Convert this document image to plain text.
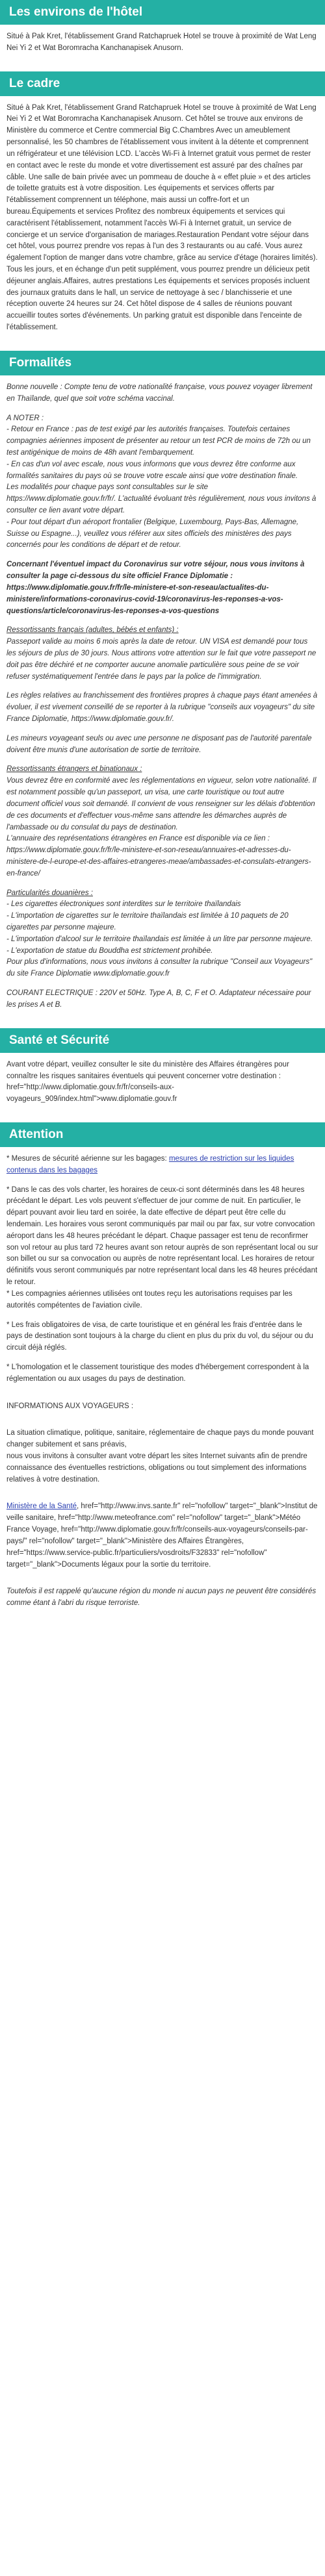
Les environs de l'hôtel

Situé à Pak Kret, l'établissement Grand Ratchapruek Hotel se trouve à proximité de Wat Leng Nei Yi 2 et Wat Boromracha Kanchanapisek Anusorn.

Le cadre

Situé à Pak Kret, l'établissement Grand Ratchapruek Hotel se trouve à proximité de Wat Leng Nei Yi 2 et Wat Boromracha Kanchanapisek Anusorn. Cet hôtel se trouve aux environs de Ministère du commerce et Centre commercial Big C.Chambres Avec un ameublement personnalisé, les 50 chambres de l'établissement vous invitent à la détente et comprennent un réfrigérateur et une télévision LCD. L'accès Wi-Fi à Internet gratuit vous permet de rester en contact avec le reste du monde et votre divertissement est assuré par des chaînes par câble. Une salle de bain privée avec un pommeau de douche à « effet pluie » et des articles de toilette gratuits est à votre disposition. Les équipements et services offerts par l'établissement comprennent un téléphone, mais aussi un coffre-fort et un bureau.Équipements et services Profitez des nombreux équipements et services qui caractérisent l'établissement, notamment l'accès Wi-Fi à Internet gratuit, un service de concierge et un service d'organisation de mariages.Restauration Pendant votre séjour dans cet hôtel, vous pourrez prendre vos repas à l'un des 3 restaurants ou au café. Vous aurez également l'option de manger dans votre chambre, grâce au service d'étage (horaires limités). Tous les jours, et en échange d'un petit supplément, vous pourrez prendre un délicieux petit déjeuner anglais.Affaires, autres prestations Les équipements et services proposés incluent des journaux gratuits dans le hall, un service de nettoyage à sec / blanchisserie et une réception ouverte 24 heures sur 24. Cet hôtel dispose de 4 salles de réunions pouvant accueillir toutes sortes d'événements. Un parking gratuit est disponible dans l'enceinte de l'établissement.

Formalités

Bonne nouvelle : Compte tenu de votre nationalité française, vous pouvez voyager librement en Thaïlande, quel que soit votre schéma vaccinal.

A NOTER :

- Retour en France : pas de test exigé par les autorités françaises. Toutefois certaines compagnies aériennes imposent de présenter au retour un test PCR de moins de 72h ou un test antigénique de moins de 48h avant l'embarquement.
- En cas d'un vol avec escale, nous vous informons que vous devrez être conforme aux formalités sanitaires du pays où se trouve votre escale ainsi que votre destination finale.
Les modalités pour chaque pays sont consultables sur le site https://www.diplomatie.gouv.fr/fr/. L'actualité évoluant très régulièrement, nous vous invitons à consulter ce lien avant votre départ.
- Pour tout départ d'un aéroport frontalier (Belgique, Luxembourg, Pays-Bas, Allemagne, Suisse ou Espagne...), veuillez vous référer aux sites officiels des ministères des pays concernés pour les conditions de départ et de retour.

Concernant l'éventuel impact du Coronavirus sur votre séjour, nous vous invitons à consulter la page ci-dessous du site officiel France Diplomatie : https://www.diplomatie.gouv.fr/fr/le-ministere-et-son-reseau/actualites-du-ministere/informations-coronavirus-covid-19/coronavirus-les-reponses-a-vos-questions/article/coronavirus-les-reponses-a-vos-questions

Ressortissants français (adultes, bébés et enfants) :

Passeport valide au moins 6 mois après la date de retour. UN VISA est demandé pour tous les séjours de plus de 30 jours. Nous attirons votre attention sur le fait que votre passeport ne doit pas être déchiré et ne comporter aucune anomalie particulière sous peine de se voir refuser systématiquement l'entrée dans le pays par la police de l'immigration.

Les règles relatives au franchissement des frontières propres à chaque pays étant amenées à évoluer, il est vivement conseillé de se reporter à la rubrique "conseils aux voyageurs" du site France Diplomatie, https://www.diplomatie.gouv.fr/.

Les mineurs voyageant seuls ou avec une personne ne disposant pas de l'autorité parentale doivent être munis d'une autorisation de sortie de territoire.

Ressortissants étrangers et binationaux :

Vous devrez être en conformité avec les réglementations en vigueur, selon votre nationalité. Il est notamment possible qu'un passeport, un visa, une carte touristique ou tout autre document officiel vous soit demandé. Il convient de vous renseigner sur les délais d'obtention de ces documents et d'effectuer vous-même sans attendre les démarches auprès de l'ambassade ou du consulat du pays de destination.
L'annuaire des représentations étrangères en France est disponible via ce lien : https://www.diplomatie.gouv.fr/fr/le-ministere-et-son-reseau/annuaires-et-adresses-du-ministere-de-l-europe-et-des-affaires-etrangeres-meae/ambassades-et-consulats-etrangers-en-france/

Particularités douanières :

- Les cigarettes électroniques sont interdites sur le territoire thaïlandais
- L'importation de cigarettes sur le territoire thaïlandais est limitée à 10 paquets de 20 cigarettes par personne majeure.
- L'importation d'alcool sur le territoire thaïlandais est limitée à un litre par personne majeure.
- L'exportation de statue du Bouddha est strictement prohibée.
Pour plus d'informations, nous vous invitons à consulter la rubrique "Conseil aux Voyageurs" du site France Diplomatie www.diplomatie.gouv.fr

COURANT ELECTRIQUE : 220V et 50Hz. Type A, B, C, F et O. Adaptateur nécessaire pour les prises A et B.

Santé et Sécurité

Avant votre départ, veuillez consulter le site du ministère des Affaires étrangères pour connaître les risques sanitaires éventuels qui peuvent concerner votre destination : href="http://www.diplomatie.gouv.fr/fr/conseils-aux-voyageurs_909/index.html">www.diplomatie.gouv.fr

Attention

* Mesures de sécurité aérienne sur les bagages: mesures de restriction sur les liquides contenus dans les bagages

* Dans le cas des vols charter, les horaires de ceux-ci sont déterminés dans les 48 heures précédant le départ. Les vols peuvent s'effectuer de jour comme de nuit. En particulier, le départ pouvant avoir lieu tard en soirée, la date effective de départ peut être celle du lendemain. Les horaires vous seront communiqués par mail ou par fax, sur votre convocation aéroport dans les 48 heures précédant le départ. Chaque passager est tenu de reconfirmer son vol retour au plus tard 72 heures avant son retour auprès de son représentant local ou sur son billet ou sur sa convocation ou auprès de notre représentant local. Les horaires de retour définitifs vous seront communiqués par notre représentant local dans les 48 heures précédant le retour.
* Les compagnies aériennes utilisées ont toutes reçu les autorisations requises par les autorités compétentes de l'aviation civile.

* Les frais obligatoires de visa, de carte touristique et en général les frais d'entrée dans le pays de destination sont toujours à la charge du client en plus du prix du vol, du séjour ou du circuit déjà réglés.

* L'homologation et le classement touristique des modes d'hébergement correspondent à la réglementation ou aux usages du pays de destination.

INFORMATIONS AUX VOYAGEURS :

La situation climatique, politique, sanitaire, réglementaire de chaque pays du monde pouvant changer subitement et sans préavis,
nous vous invitons à consulter avant votre départ les sites Internet suivants afin de prendre connaissance des éventuelles restrictions, obligations ou tout simplement des informations relatives à votre destination.

Ministère de la Santé, href="http://www.invs.sante.fr" rel="nofollow" target="_blank">Institut de veille sanitaire, href="http://www.meteofrance.com" rel="nofollow" target="_blank">Météo France Voyage, href="http://www.diplomatie.gouv.fr/fr/conseils-aux-voyageurs/conseils-par-pays/" rel="nofollow" target="_blank">Ministère des Affaires Étrangères, href="https://www.service-public.fr/particuliers/vosdroits/F32833" rel="nofollow" target="_blank">Documents légaux pour la sortie du territoire.

Toutefois il est rappelé qu'aucune région du monde ni aucun pays ne peuvent être considérés comme étant à l'abri du risque terroriste.
